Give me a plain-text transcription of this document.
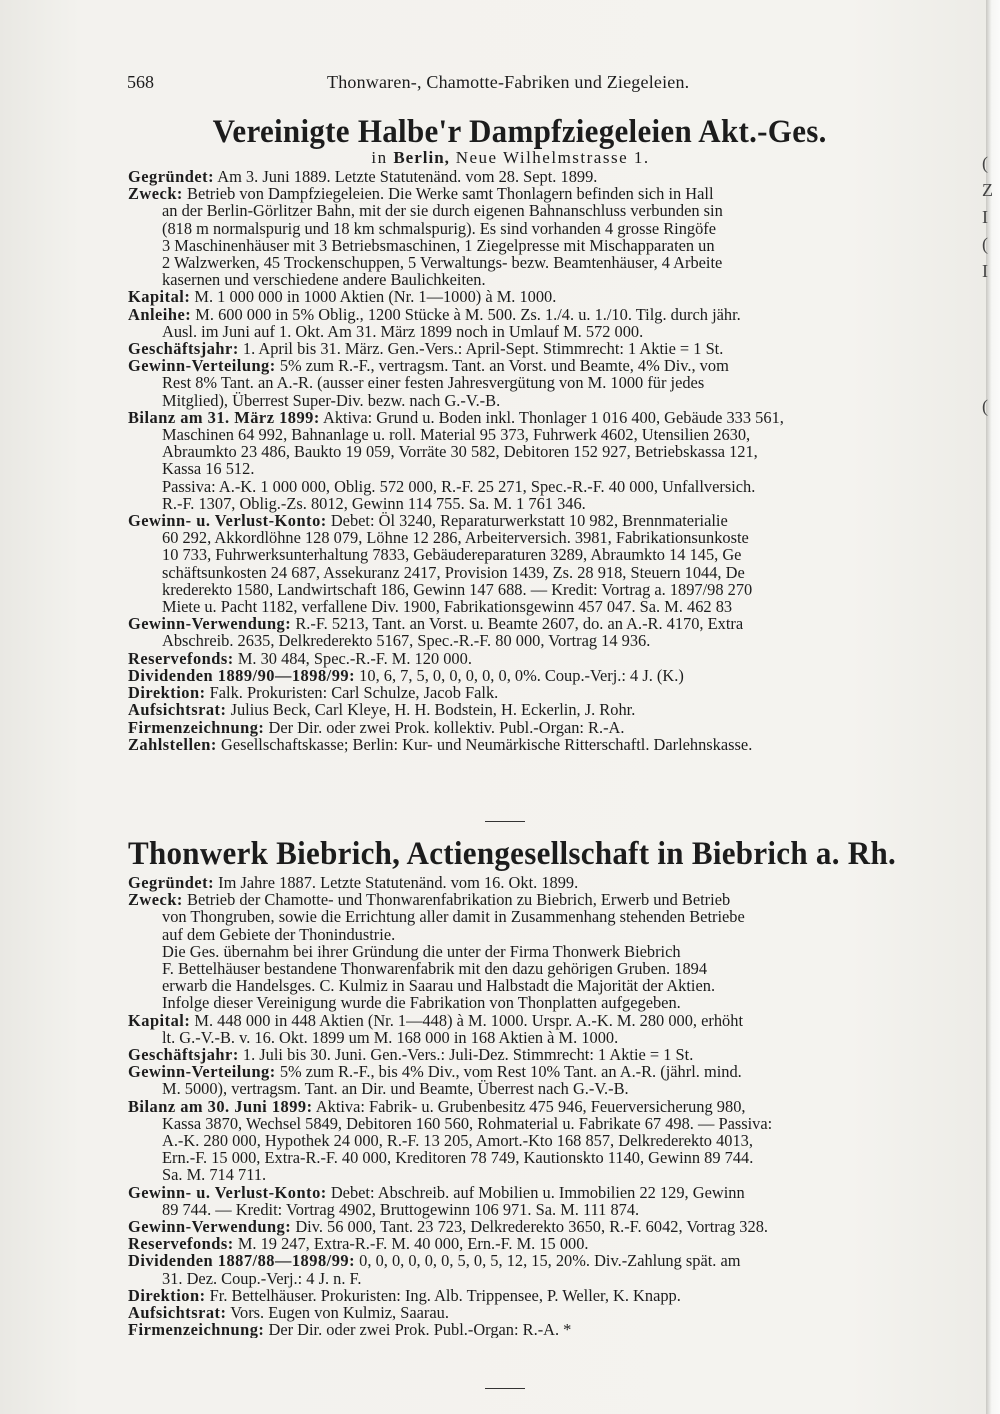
568	Thonwaren-, Chamotte-Fabriken und Ziegeleien.
Vereinigte Halbe'r Dampfziegeleien Akt.-Ges.
in Berlin, Neue Wilhelmstrasse 1.
Gegründet: Am 3. Juni 1889. Letzte Statutenänd. vom 28. Sept. 1899.
Zweck: Betrieb von Dampfziegeleien. Die Werke samt Thonlagern befinden sich in Hall
an der Berlin-Görlitzer Bahn, mit der sie durch eigenen Bahnanschluss verbunden sin
(818 m normalspurig und 18 km schmalspurig). Es sind vorhanden 4 grosse Ringöfe
3 Maschinenhäuser mit 3 Betriebsmaschinen, 1 Ziegelpresse mit Mischapparaten un
2 Walzwerken, 45 Trockenschuppen, 5 Verwaltungs- bezw. Beamtenhäuser, 4 Arbeite
kasernen und verschiedene andere Baulichkeiten.
Kapital: M. 1 000 000 in 1000 Aktien (Nr. 1—1000) à M. 1000.
Anleihe: M. 600 000 in 5% Oblig., 1200 Stücke à M. 500. Zs. 1./4. u. 1./10. Tilg. durch jähr.
Ausl. im Juni auf 1. Okt. Am 31. März 1899 noch in Umlauf M. 572 000.
Geschäftsjahr: 1. April bis 31. März. Gen.-Vers.: April-Sept. Stimmrecht: 1 Aktie = 1 St.
Gewinn-Verteilung: 5% zum R.-F., vertragsm. Tant. an Vorst. und Beamte, 4% Div., vom
Rest 8% Tant. an A.-R. (ausser einer festen Jahresvergütung von M. 1000 für jedes
Mitglied), Überrest Super-Div. bezw. nach G.-V.-B.
Bilanz am 31. März 1899: Aktiva: Grund u. Boden inkl. Thonlager 1 016 400, Gebäude 333 561,
Maschinen 64 992, Bahnanlage u. roll. Material 95 373, Fuhrwerk 4602, Utensilien 2630,
Abraumkto 23 486, Baukto 19 059, Vorräte 30 582, Debitoren 152 927, Betriebskassa 121,
Kassa 16 512.
Passiva: A.-K. 1 000 000, Oblig. 572 000, R.-F. 25 271, Spec.-R.-F. 40 000, Unfallversich.
R.-F. 1307, Oblig.-Zs. 8012, Gewinn 114 755. Sa. M. 1 761 346.
Gewinn- u. Verlust-Konto: Debet: Öl 3240, Reparaturwerkstatt 10 982, Brennmaterialie
60 292, Akkordlöhne 128 079, Löhne 12 286, Arbeiterversich. 3981, Fabrikationsunkoste
10 733, Fuhrwerksunterhaltung 7833, Gebäudereparaturen 3289, Abraumkto 14 145, Ge
schäftsunkosten 24 687, Assekuranz 2417, Provision 1439, Zs. 28 918, Steuern 1044, De
krederekto 1580, Landwirtschaft 186, Gewinn 147 688. — Kredit: Vortrag a. 1897/98 270
Miete u. Pacht 1182, verfallene Div. 1900, Fabrikationsgewinn 457 047. Sa. M. 462 83
Gewinn-Verwendung: R.-F. 5213, Tant. an Vorst. u. Beamte 2607, do. an A.-R. 4170, Extra
Abschreib. 2635, Delkrederekto 5167, Spec.-R.-F. 80 000, Vortrag 14 936.
Reservefonds: M. 30 484, Spec.-R.-F. M. 120 000.
Dividenden 1889/90—1898/99: 10, 6, 7, 5, 0, 0, 0, 0, 0, 0%. Coup.-Verj.: 4 J. (K.)
Direktion: Falk. Prokuristen: Carl Schulze, Jacob Falk.
Aufsichtsrat: Julius Beck, Carl Kleye, H. H. Bodstein, H. Eckerlin, J. Rohr.
Firmenzeichnung: Der Dir. oder zwei Prok. kollektiv. Publ.-Organ: R.-A.
Zahlstellen: Gesellschaftskasse; Berlin: Kur- und Neumärkische Ritterschaftl. Darlehnskasse.
Thonwerk Biebrich, Actiengesellschaft in Biebrich a. Rh.
Gegründet: Im Jahre 1887. Letzte Statutenänd. vom 16. Okt. 1899.
Zweck: Betrieb der Chamotte- und Thonwarenfabrikation zu Biebrich, Erwerb und Betrieb
von Thongruben, sowie die Errichtung aller damit in Zusammenhang stehenden Betriebe
auf dem Gebiete der Thonindustrie.
Die Ges. übernahm bei ihrer Gründung die unter der Firma Thonwerk Biebrich
F. Bettelhäuser bestandene Thonwarenfabrik mit den dazu gehörigen Gruben. 1894
erwarb die Handelsges. C. Kulmiz in Saarau und Halbstadt die Majorität der Aktien.
Infolge dieser Vereinigung wurde die Fabrikation von Thonplatten aufgegeben.
Kapital: M. 448 000 in 448 Aktien (Nr. 1—448) à M. 1000. Urspr. A.-K. M. 280 000, erhöht
lt. G.-V.-B. v. 16. Okt. 1899 um M. 168 000 in 168 Aktien à M. 1000.
Geschäftsjahr: 1. Juli bis 30. Juni. Gen.-Vers.: Juli-Dez. Stimmrecht: 1 Aktie = 1 St.
Gewinn-Verteilung: 5% zum R.-F., bis 4% Div., vom Rest 10% Tant. an A.-R. (jährl. mind.
M. 5000), vertragsm. Tant. an Dir. und Beamte, Überrest nach G.-V.-B.
Bilanz am 30. Juni 1899: Aktiva: Fabrik- u. Grubenbesitz 475 946, Feuerversicherung 980,
Kassa 3870, Wechsel 5849, Debitoren 160 560, Rohmaterial u. Fabrikate 67 498. — Passiva:
A.-K. 280 000, Hypothek 24 000, R.-F. 13 205, Amort.-Kto 168 857, Delkrederekto 4013,
Ern.-F. 15 000, Extra-R.-F. 40 000, Kreditoren 78 749, Kautionskto 1140, Gewinn 89 744.
Sa. M. 714 711.
Gewinn- u. Verlust-Konto: Debet: Abschreib. auf Mobilien u. Immobilien 22 129, Gewinn
89 744. — Kredit: Vortrag 4902, Bruttogewinn 106 971. Sa. M. 111 874.
Gewinn-Verwendung: Div. 56 000, Tant. 23 723, Delkrederekto 3650, R.-F. 6042, Vortrag 328.
Reservefonds: M. 19 247, Extra-R.-F. M. 40 000, Ern.-F. M. 15 000.
Dividenden 1887/88—1898/99: 0, 0, 0, 0, 0, 0, 5, 0, 5, 12, 15, 20%. Div.-Zahlung spät. am
31. Dez. Coup.-Verj.: 4 J. n. F.
Direktion: Fr. Bettelhäuser. Prokuristen: Ing. Alb. Trippensee, P. Weller, K. Knapp.
Aufsichtsrat: Vors. Eugen von Kulmiz, Saarau.
Firmenzeichnung: Der Dir. oder zwei Prok. Publ.-Organ: R.-A. *
(
Z
I
(
I
(
